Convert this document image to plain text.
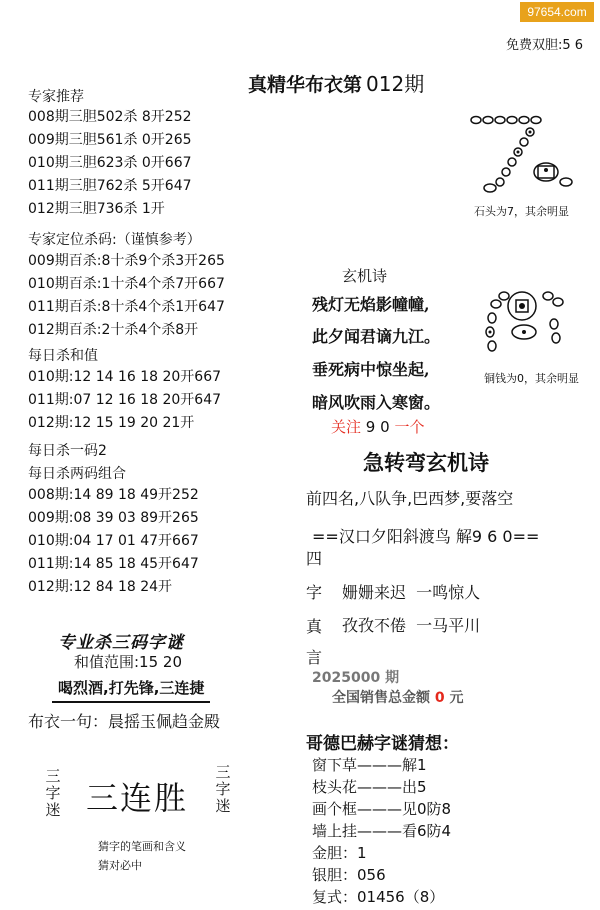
97654.com
免费双胆:5 6
真精华布衣第 012期
专家推荐
008期三胆502杀 8开252
009期三胆561杀 0开265
010期三胆623杀 0开667
011期三胆762杀 5开647
012期三胆736杀 1开
专家定位杀码:（谨慎参考）
009期百杀:8十杀9个杀3开265
010期百杀:1十杀4个杀7开667
011期百杀:8十杀4个杀1开647
012期百杀:2十杀4个杀8开
每日杀和值
010期:12 14 16 18 20开667
011期:07 12 16 18 20开647
012期:12 15 19 20 21开
每日杀一码2
每日杀两码组合
008期:14 89 18 49开252
009期:08 39 03 89开265
010期:04 17 01 47开667
011期:14 85 18 45开647
012期:12 84 18 24开
专业杀三码字谜
和值范围:15 20
喝烈酒,打先锋,三连捷
布衣一句：晨摇玉佩趋金殿
三字迷 三连胜
三字迷
猜字的笔画和含义
猜对必中
石头为7，其余明显
铜钱为0，其余明显
玄机诗
残灯无焰影幢幢,
此夕闻君谪九江。
垂死病中惊坐起,
暗风吹雨入寒窗。
关注 9 0 一个
急转弯玄机诗
前四名,八队争,巴西梦,要落空
==汉口夕阳斜渡鸟 解9 6 0==
四
字
真
言
姗姗来迟  一鸣惊人
孜孜不倦  一马平川
2025000 期
全国销售总金额 0 元
哥德巴赫字谜猜想：
窗下草———解1
枝头花———出5
画个框———见0防8
墙上挂———看6防4
金胆：1
银胆：056
复式：01456（8）
